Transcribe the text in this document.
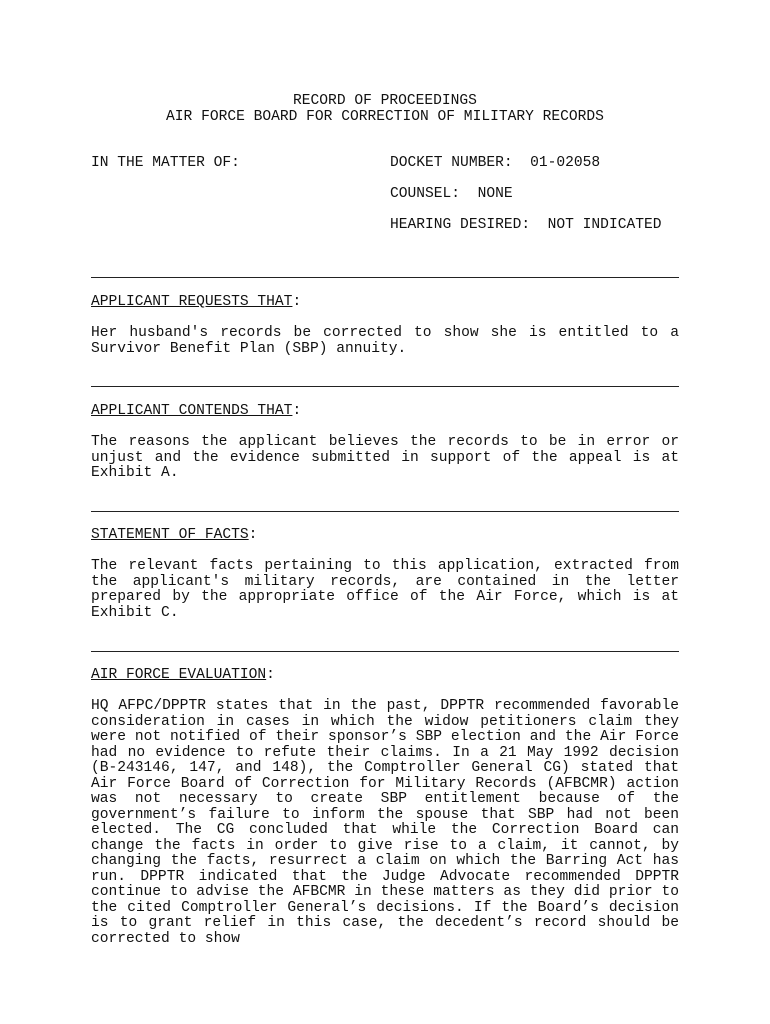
RECORD OF PROCEEDINGS
AIR FORCE BOARD FOR CORRECTION OF MILITARY RECORDS
IN THE MATTER OF:	DOCKET NUMBER: 01-02058
COUNSEL: NONE
HEARING DESIRED: NOT INDICATED
APPLICANT REQUESTS THAT:
Her husband's records be corrected to show she is entitled to a Survivor Benefit Plan (SBP) annuity.
APPLICANT CONTENDS THAT:
The reasons the applicant believes the records to be in error or unjust and the evidence submitted in support of the appeal is at Exhibit A.
STATEMENT OF FACTS:
The relevant facts pertaining to this application, extracted from the applicant's military records, are contained in the letter prepared by the appropriate office of the Air Force, which is at Exhibit C.
AIR FORCE EVALUATION:
HQ AFPC/DPPTR states that in the past, DPPTR recommended favorable consideration in cases in which the widow petitioners claim they were not notified of their sponsor’s SBP election and the Air Force had no evidence to refute their claims. In a 21 May 1992 decision (B-243146, 147, and 148), the Comptroller General CG) stated that Air Force Board of Correction for Military Records (AFBCMR) action was not necessary to create SBP entitlement because of the government’s failure to inform the spouse that SBP had not been elected. The CG concluded that while the Correction Board can change the facts in order to give rise to a claim, it cannot, by changing the facts, resurrect a claim on which the Barring Act has run. DPPTR indicated that the Judge Advocate recommended DPPTR continue to advise the AFBCMR in these matters as they did prior to the cited Comptroller General’s decisions. If the Board’s decision is to grant relief in this case, the decedent’s record should be corrected to show
